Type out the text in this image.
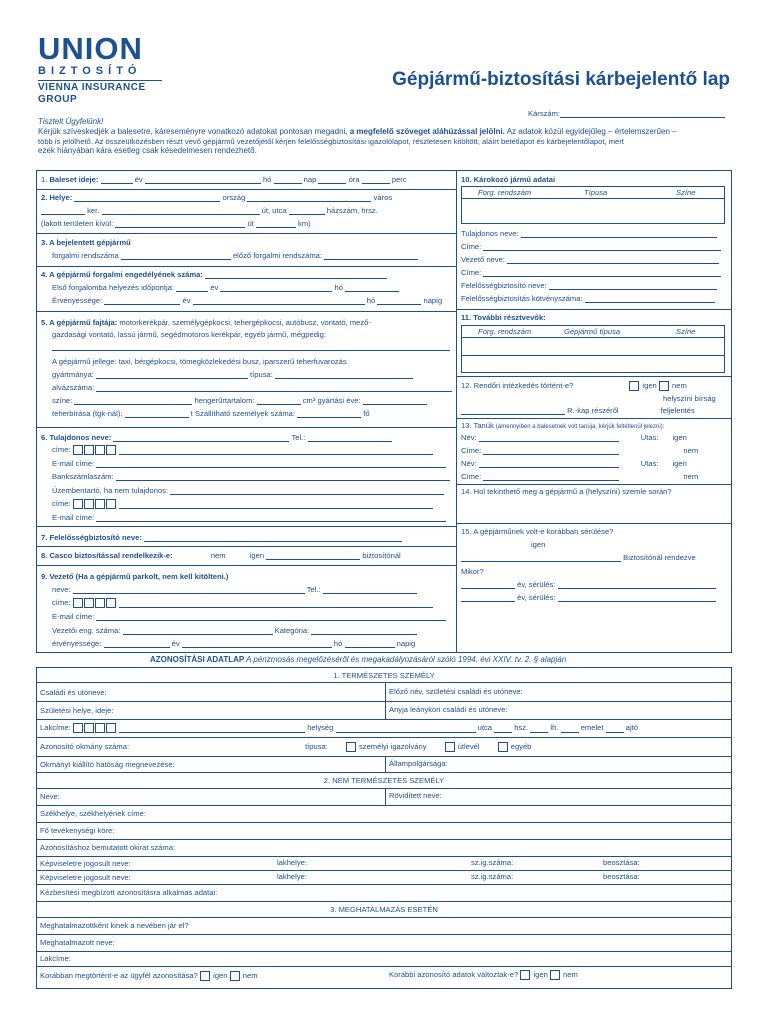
UNION
BIZTOSÍTÓ
VIENNA INSURANCE GROUP
Gépjármű-biztosítási kárbejelentő lap
Kárszám:
Tisztelt Ügyfelünk!
Kérjük szíveskedjék a balesetre, káreseményre vonatkozó adatokat pontosan megadni, a megfelelő szöveget aláhúzással jelölni. Az adatok közül egyidejűleg – értelemszerűen –
több is jelölhető. Az összeütközésben részt vevő gépjármű vezetőjétől kérjen felelősségbiztosítási igazolólapot, részletesen kitöltött, aláírt betétlapot és kárbejelentőlapot, mert
ezek hiányában kára esetleg csak késedelmesen rendezhető.
1. Baleset ideje:	év	hó	nap	óra	perc
2. Helye:	ország	város
ker.	út, utca	házszám, hrsz.
(lakott területen kívül:	út	km)
3. A bejelentett gépjármű
forgalmi rendszáma	előző forgalmi rendszáma:
4. A gépjármű forgalmi engedélyének száma:
Első forgalomba helyezés időpontja:	év	hó
Érvényessége:	év	hó	napig
5. A gépjármű fajtája: motorkerékpár, személygépkocsi, tehergépkocsi, autóbusz, vontató, mező-
gazdasági vontató, lassú jármű, segédmotoros kerékpár, egyéb jármű, mégpedig:
A gépjármű jellege: taxi, bérgépkocsi, tömegközlekedési busz, iparszerű teherfuvarozás
gyártmánya:	típusa:
alvázszáma:
színe:	hengerűrtartalom:	cm³ gyártási éve:
teherbírása (tgk-nál):	t Szállítható személyek száma:	fő
6. Tulajdonos neve:	Tel.:
címe:
E-mail címe:
Bankszámlaszám:
Üzembentartó, ha nem tulajdonos:
címe:
E-mail címe:
7. Felelősségbiztosító neve:
8. Casco biztosítással rendelkezik-e:	nem	igen	biztosítónál
9. Vezető (Ha a gépjármű parkolt, nem kell kitölteni.)
neve:	Tel.:
címe:
E-mail címe:
Vezetői eng. száma:	Kategória:
érvényessége:	év	hó	napig
10. Károkozó jármű adatai
Forg. rendszám	Típusa	Színe
Tulajdonos neve:
Címe:
Vezető neve:
Címe:
Felelősségbiztosító neve:
Felelősségbiztosítás kötvényszáma:
11. További résztvevők:
Forg. rendszám	Gépjármű típusa	Színe
12. Rendőri intézkedés történt-e?	igen nem
helyszíni bírság
R.-kap részéről	feljelentés
13. Tanúk (amennyiben a balesetnek volt tanúja, kérjük feltétlenül jelezni):
Név:	Utas: igen
Címe:	nem
Név:	Utas: igen
Címe:	nem
14. Hol tekinthető meg a gépjármű a (helyszíni) szemle során?
15. A gépjárműnek volt-e korábban sérülése?
igen
Biztosítónál rendezve
Mikor?
év, sérülés:
év, sérülés:
AZONOSÍTÁSI ADATLAP A pénzmosás megelőzéséről és megakadályozásáról szóló 1994. évi XXIV. tv. 2. § alapján
1. TERMÉSZETES SZEMÉLY
Családi és utóneve:	Előző név, születési családi és utóneve:
Születési helye, ideje:	Anyja leánykori családi és utóneve:
Lakcíme:	helység	utca	hsz.	lh.	emelet	ajtó
Azonosító okmány száma:	típusa:	személyi igazolvány	útlevél	egyéb
Okmányt kiállító hatóság megnevezése:	Állampolgársága:
2. NEM TERMÉSZETES SZEMÉLY
Neve:	Rövidített neve:
Székhelye, székhelyének címe:
Fő tevékenységi köre:
Azonosításhoz bemutatott okirat száma:
Képviseletre jogosult neve:	lakhelye:	sz.ig.száma:	beosztása:
Képviseletre jogosult neve:	lakhelye:	sz.ig.száma:	beosztása:
Kézbesítési megbízott azonosításra alkalmas adatai:
3. MEGHATALMAZÁS ESETÉN
Meghatalmazottként kinek a nevében jár el?
Meghatalmazott neve:
Lakcíme:
Korábban megtörtént-e az ügyfél azonosítása? igen nem	Korábbi azonosító adatok változtak-e? igen nem
